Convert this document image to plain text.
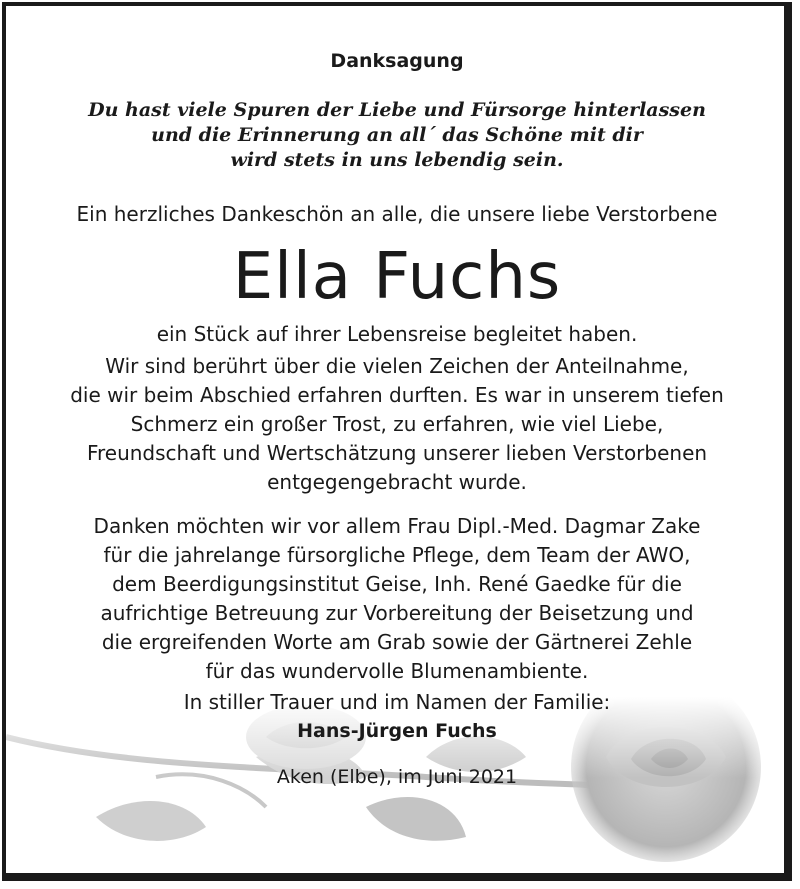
Danksagung
Du hast viele Spuren der Liebe und Fürsorge hinterlassen
und die Erinnerung an all´ das Schöne mit dir
wird stets in uns lebendig sein.
Ein herzliches Dankeschön an alle, die unsere liebe Verstorbene
Ella Fuchs
ein Stück auf ihrer Lebensreise begleitet haben.
Wir sind berührt über die vielen Zeichen der Anteilnahme,
die wir beim Abschied erfahren durften. Es war in unserem tiefen
Schmerz ein großer Trost, zu erfahren, wie viel Liebe,
Freundschaft und Wertschätzung unserer lieben Verstorbenen
entgegengebracht wurde.
Danken möchten wir vor allem Frau Dipl.-Med. Dagmar Zake
für die jahrelange fürsorgliche Pflege, dem Team der AWO,
dem Beerdigungsinstitut Geise, Inh. René Gaedke für die
aufrichtige Betreuung zur Vorbereitung der Beisetzung und
die ergreifenden Worte am Grab sowie der Gärtnerei Zehle
für das wundervolle Blumenambiente.
In stiller Trauer und im Namen der Familie:
Hans-Jürgen Fuchs
Aken (Elbe), im Juni 2021
